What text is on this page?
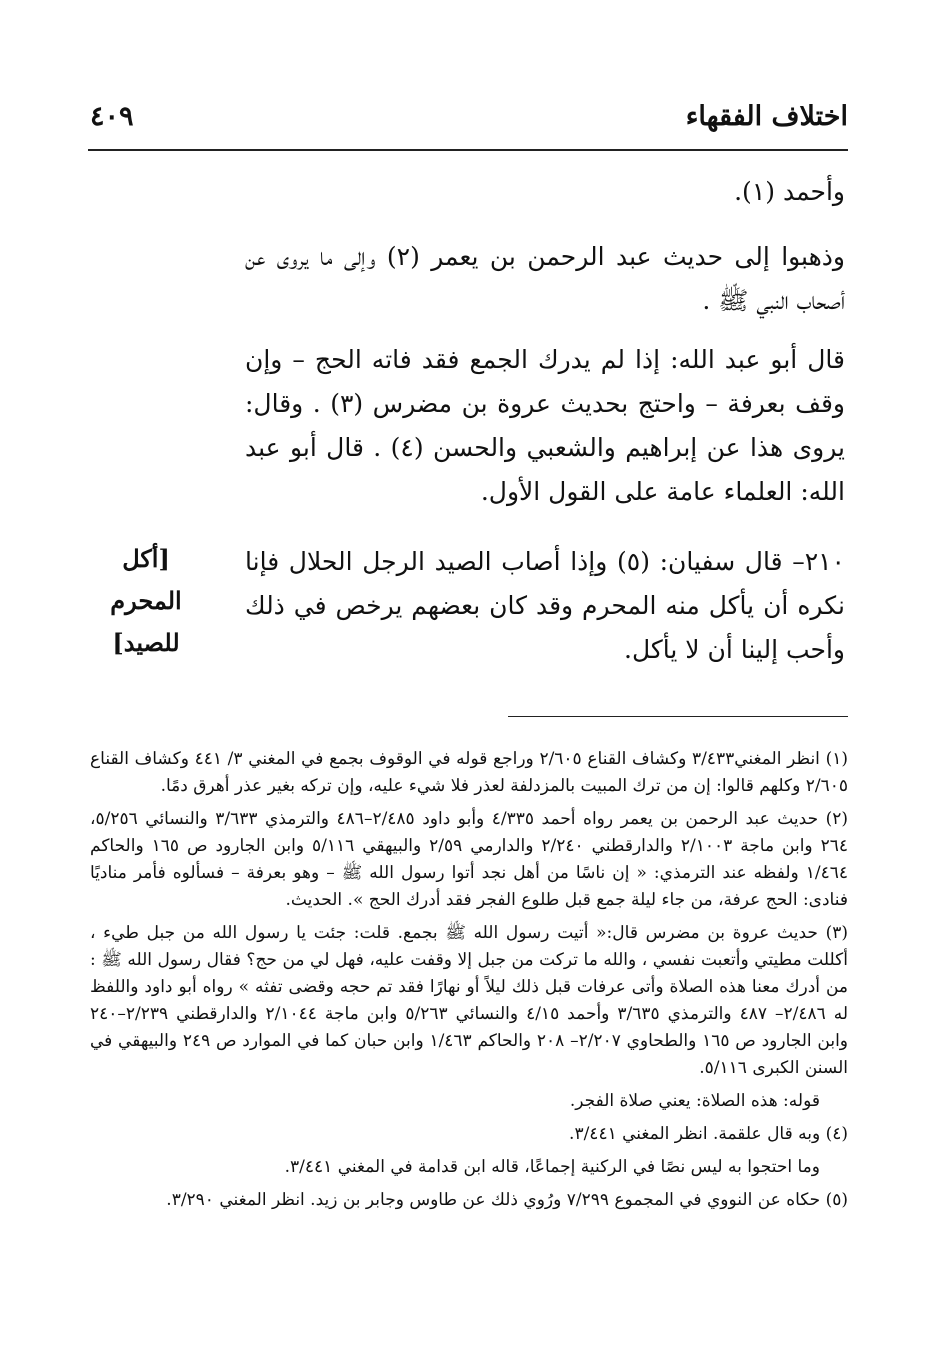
اختلاف الفقهاء
٤٠٩
وأحمد (١).
وذهبوا إلى حديث عبد الرحمن بن يعمر (٢) وإلى ما يروى عن أصحاب النبي ﷺ .
قال أبو عبد الله: إذا لم يدرك الجمع فقد فاته الحج – وإن وقف بعرفة – واحتج بحديث عروة بن مضرس (٣) . وقال: يروى هذا عن إبراهيم والشعبي والحسن (٤) . قال أبو عبد الله: العلماء عامة على القول الأول.
٢١٠– قال سفيان: (٥) وإذا أصاب الصيد الرجل الحلال فإنا نكره أن يأكل منه المحرم وقد كان بعضهم يرخص في ذلك وأحب إلينا أن لا يأكل.
[أكل المحرم
للصيد]

(١) انظر المغني٣/٤٣٣ وكشاف القناع ٢/٦٠٥ وراجع قوله في الوقوف بجمع في المغني ٣/ ٤٤١ وكشاف القناع ٢/٦٠٥ وكلهم قالوا: إن من ترك المبيت بالمزدلفة لعذر فلا شيء عليه، وإن تركه بغير عذر أهرق دمًا.

(٢) حديث عبد الرحمن بن يعمر رواه أحمد ٤/٣٣٥ وأبو داود ٢/٤٨٥–٤٨٦ والترمذي ٣/٦٣٣ والنسائي ٥/٢٥٦، ٢٦٤ وابن ماجة ٢/١٠٠٣ والدارقطني ٢/٢٤٠ والدارمي ٢/٥٩ والبيهقي ٥/١١٦ وابن الجارود ص ١٦٥ والحاكم ١/٤٦٤ ولفظه عند الترمذي: « إن ناسًا من أهل نجد أتوا رسول الله ﷺ – وهو بعرفة – فسألوه فأمر مناديًا فنادى: الحج عرفة، من جاء ليلة جمع قبل طلوع الفجر فقد أدرك الحج ». الحديث.

(٣) حديث عروة بن مضرس قال:« أتيت رسول الله ﷺ بجمع. قلت: جئت يا رسول الله من جبل طيء ، أكللت مطيتي وأتعبت نفسي ، والله ما تركت من جبل إلا وقفت عليه، فهل لي من حج؟ فقال رسول الله ﷺ : من أدرك معنا هذه الصلاة وأتى عرفات قبل ذلك ليلاً أو نهارًا فقد تم حجه وقضى تفثه » رواه أبو داود واللفظ له ٢/٤٨٦– ٤٨٧ والترمذي ٣/٦٣٥ وأحمد ٤/١٥ والنسائي ٥/٢٦٣ وابن ماجة ٢/١٠٤٤ والدارقطني ٢/٢٣٩–٢٤٠ وابن الجارود ص ١٦٥ والطحاوي ٢/٢٠٧– ٢٠٨ والحاكم ١/٤٦٣ وابن حبان كما في الموارد ص ٢٤٩ والبيهقي في السنن الكبرى ٥/١١٦.

قوله: هذه الصلاة: يعني صلاة الفجر.

(٤) وبه قال علقمة. انظر المغني ٣/٤٤١.

وما احتجوا به ليس نصًا في الركنية إجماعًا، قاله ابن قدامة في المغني ٣/٤٤١.

(٥) حكاه عن النووي في المجموع ٧/٢٩٩ ورُوي ذلك عن طاوس وجابر بن زيد. انظر المغني ٣/٢٩٠.
